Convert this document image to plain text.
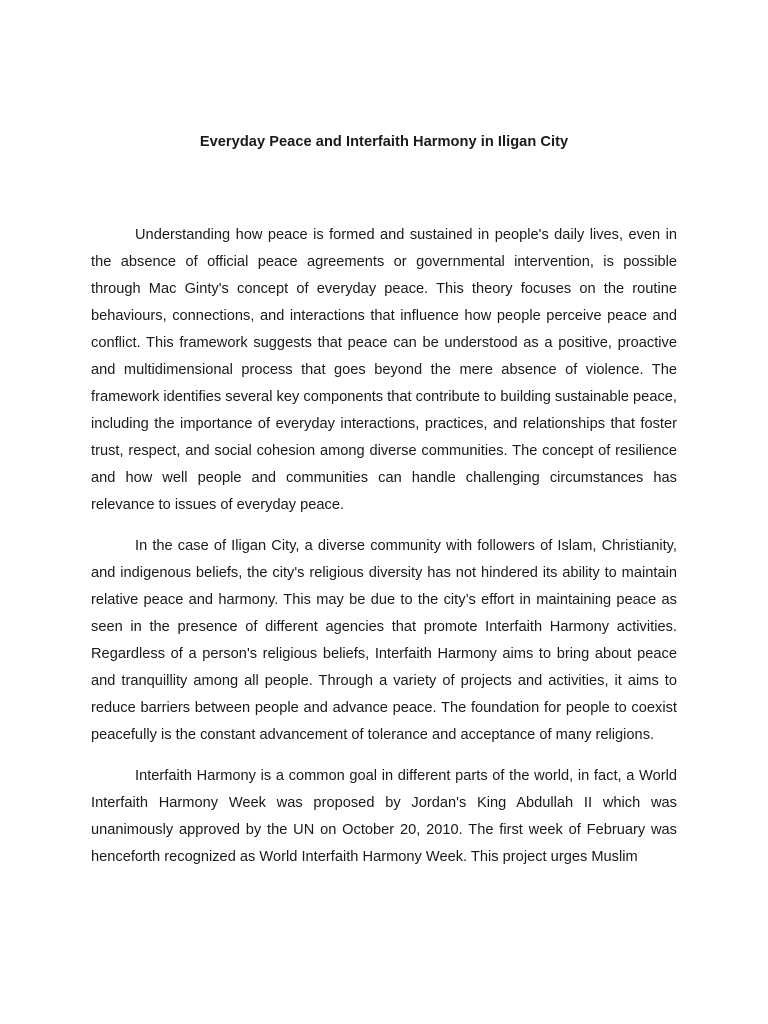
Everyday Peace and Interfaith Harmony in Iligan City

Understanding how peace is formed and sustained in people's daily lives, even in the absence of official peace agreements or governmental intervention, is possible through Mac Ginty's concept of everyday peace. This theory focuses on the routine behaviours, connections, and interactions that influence how people perceive peace and conflict. This framework suggests that peace can be understood as a positive, proactive and multidimensional process that goes beyond the mere absence of violence. The framework identifies several key components that contribute to building sustainable peace, including the importance of everyday interactions, practices, and relationships that foster trust, respect, and social cohesion among diverse communities. The concept of resilience and how well people and communities can handle challenging circumstances has relevance to issues of everyday peace.

In the case of Iligan City, a diverse community with followers of Islam, Christianity, and indigenous beliefs, the city's religious diversity has not hindered its ability to maintain relative peace and harmony. This may be due to the city’s effort in maintaining peace as seen in the presence of different agencies that promote Interfaith Harmony activities. Regardless of a person's religious beliefs, Interfaith Harmony aims to bring about peace and tranquillity among all people. Through a variety of projects and activities, it aims to reduce barriers between people and advance peace. The foundation for people to coexist peacefully is the constant advancement of tolerance and acceptance of many religions.

Interfaith Harmony is a common goal in different parts of the world, in fact, a World Interfaith Harmony Week was proposed by Jordan's King Abdullah II which was unanimously approved by the UN on October 20, 2010. The first week of February was henceforth recognized as World Interfaith Harmony Week. This project urges Muslim
